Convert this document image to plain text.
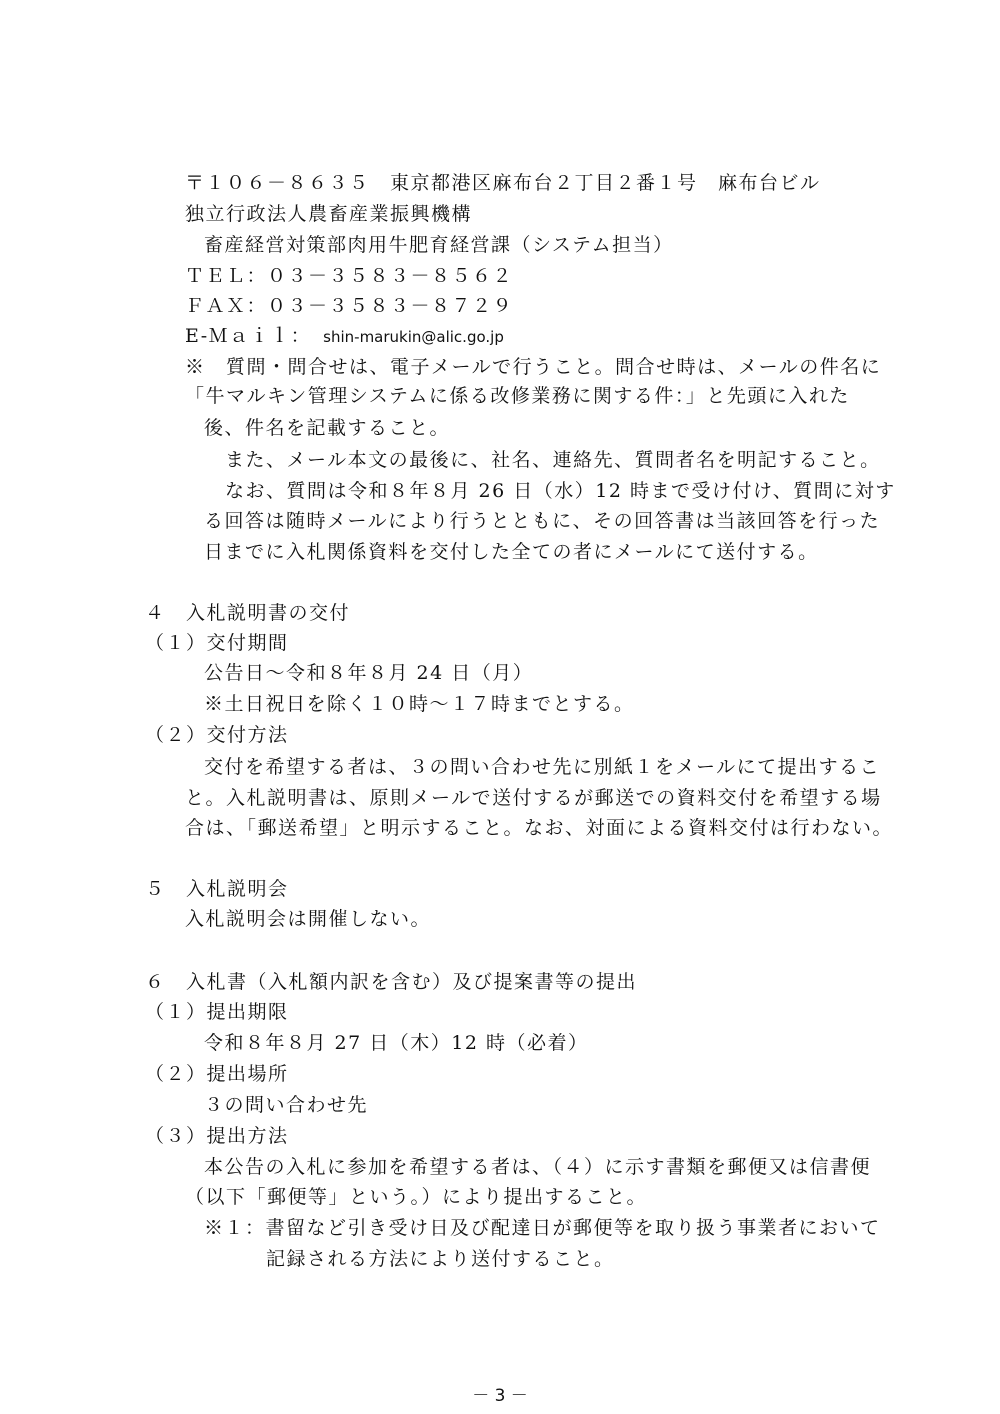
〒１０６－８６３５　東京都港区麻布台２丁目２番１号　麻布台ビル
独立行政法人農畜産業振興機構
畜産経営対策部肉用牛肥育経営課（システム担当）
ＴＥＬ：０３－３５８３－８５６２
ＦＡＸ：０３－３５８３－８７２９
E-Ｍａｉｌ： shin-marukin@alic.go.jp
※　質問・問合せは、電子メールで行うこと。問合せ時は、メールの件名に
「牛マルキン管理システムに係る改修業務に関する件：」と先頭に入れた
後、件名を記載すること。
また、メール本文の最後に、社名、連絡先、質問者名を明記すること。
なお、質問は令和８年８月 26 日（水）12 時まで受け付け、質問に対す
る回答は随時メールにより行うとともに、その回答書は当該回答を行った
日までに入札関係資料を交付した全ての者にメールにて送付する。
４　入札説明書の交付
（１）交付期間
公告日～令和８年８月 24 日（月）
※土日祝日を除く１０時～１７時までとする。
（２）交付方法
交付を希望する者は、３の問い合わせ先に別紙１をメールにて提出するこ
と。入札説明書は、原則メールで送付するが郵送での資料交付を希望する場
合は、「郵送希望」と明示すること。なお、対面による資料交付は行わない。
５　入札説明会
入札説明会は開催しない。
６　入札書（入札額内訳を含む）及び提案書等の提出
（１）提出期限
令和８年８月 27 日（木）12 時（必着）
（２）提出場所
３の問い合わせ先
（３）提出方法
本公告の入札に参加を希望する者は、（４）に示す書類を郵便又は信書便
（以下「郵便等」という。）により提出すること。
※１：書留など引き受け日及び配達日が郵便等を取り扱う事業者において
記録される方法により送付すること。
－ 3 －
